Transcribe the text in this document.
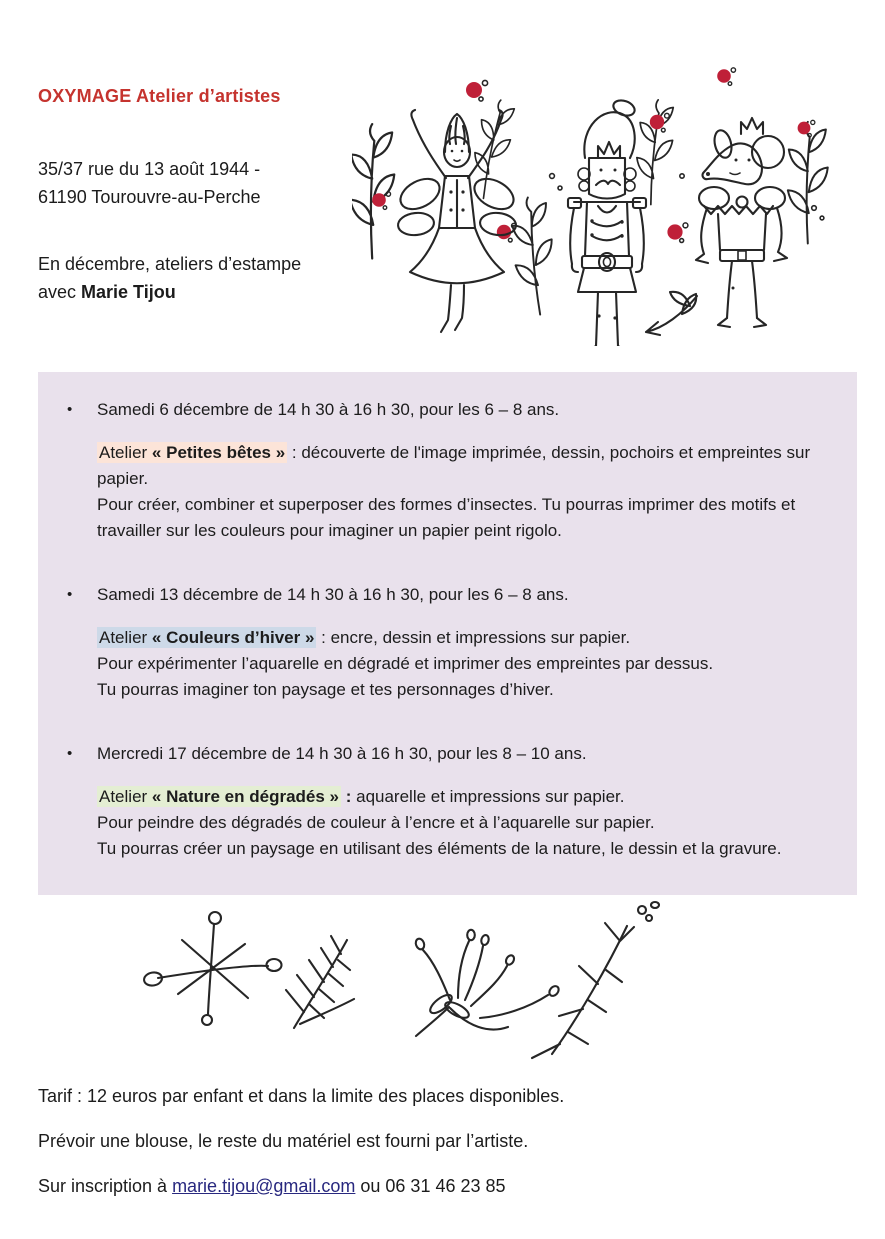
OXYMAGE Atelier d’artistes
35/37 rue du 13 août 1944 -
61190 Tourouvre-au-Perche
En décembre, ateliers d’estampe
avec Marie Tijou
• Samedi 6 décembre de 14 h 30 à 16 h 30, pour les 6 – 8 ans.
Atelier « Petites bêtes » : découverte de l'image imprimée, dessin, pochoirs et empreintes sur papier.
Pour créer, combiner et superposer des formes d’insectes. Tu pourras imprimer des motifs et travailler sur les couleurs pour imaginer un papier peint rigolo.
• Samedi 13 décembre de 14 h 30 à 16 h 30, pour les 6 – 8 ans.
Atelier « Couleurs d’hiver » : encre, dessin et impressions sur papier.
Pour expérimenter l’aquarelle en dégradé et imprimer des empreintes par dessus.
Tu pourras imaginer ton paysage et tes personnages d’hiver.
• Mercredi 17 décembre de 14 h 30 à 16 h 30, pour les 8 – 10 ans.
Atelier « Nature en dégradés » : aquarelle et impressions sur papier.
Pour peindre des dégradés de couleur à l’encre et à l’aquarelle sur papier.
Tu pourras créer un paysage en utilisant des éléments de la nature, le dessin et la gravure.
Tarif : 12 euros par enfant et dans la limite des places disponibles.
Prévoir une blouse, le reste du matériel est fourni par l’artiste.
Sur inscription à marie.tijou@gmail.com ou 06 31 46 23 85
